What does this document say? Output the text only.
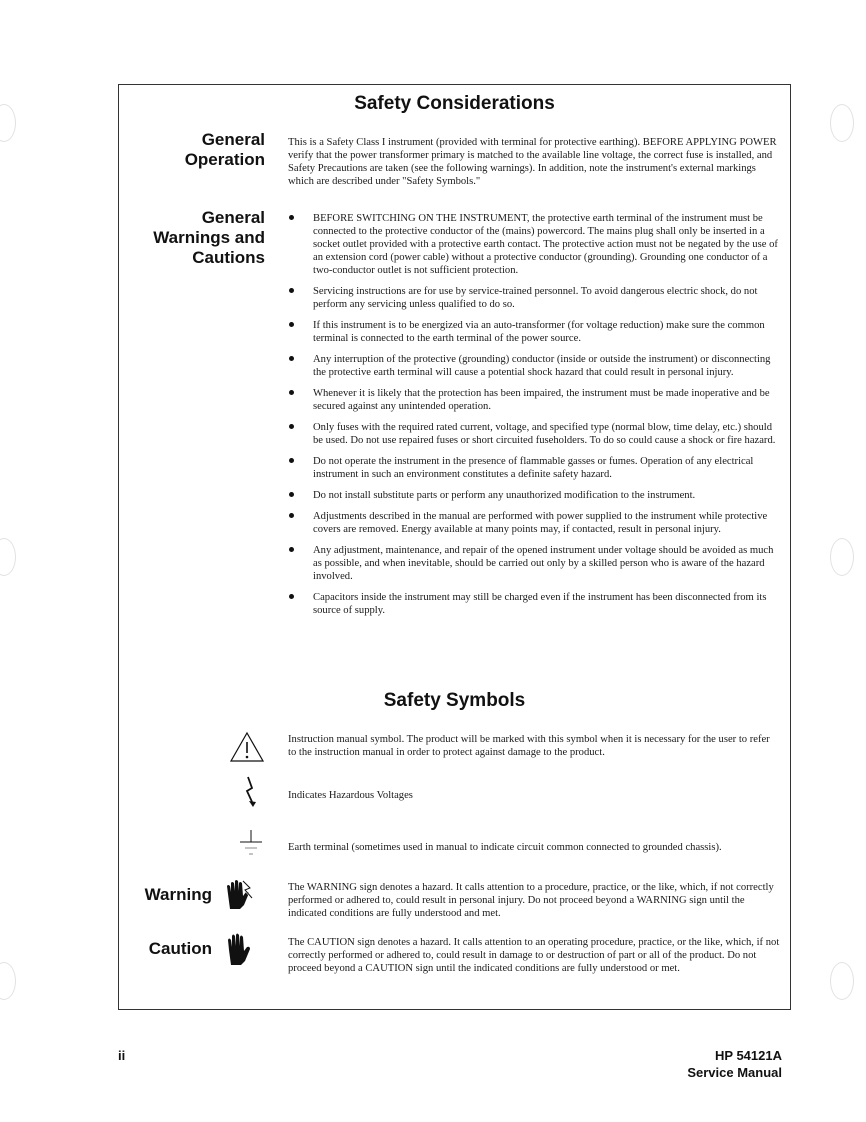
Safety Considerations
General
Operation
This is a Safety Class I instrument (provided with terminal for protective earthing). BEFORE APPLYING POWER verify that the power transformer primary is matched to the available line voltage, the correct fuse is installed, and Safety Precautions are taken (see the following warnings). In addition, note the instrument's external markings which are described under "Safety Symbols."
General
Warnings and
Cautions
BEFORE SWITCHING ON THE INSTRUMENT, the protective earth terminal of the instrument must be connected to the protective conductor of the (mains) powercord. The mains plug shall only be inserted in a socket outlet provided with a protective earth contact. The protective action must not be negated by the use of an extension cord (power cable) without a protective conductor (grounding). Grounding one conductor of a two-conductor outlet is not sufficient protection.
Servicing instructions are for use by service-trained personnel. To avoid dangerous electric shock, do not perform any servicing unless qualified to do so.
If this instrument is to be energized via an auto-transformer (for voltage reduction) make sure the common terminal is connected to the earth terminal of the power source.
Any interruption of the protective (grounding) conductor (inside or outside the instrument) or disconnecting the protective earth terminal will cause a potential shock hazard that could result in personal injury.
Whenever it is likely that the protection has been impaired, the instrument must be made inoperative and be secured against any unintended operation.
Only fuses with the required rated current, voltage, and specified type (normal blow, time delay, etc.) should be used. Do not use repaired fuses or short circuited fuseholders. To do so could cause a shock or fire hazard.
Do not operate the instrument in the presence of flammable gasses or fumes. Operation of any electrical instrument in such an environment constitutes a definite safety hazard.
Do not install substitute parts or perform any unauthorized modification to the instrument.
Adjustments described in the manual are performed with power supplied to the instrument while protective covers are removed. Energy available at many points may, if contacted, result in personal injury.
Any adjustment, maintenance, and repair of the opened instrument under voltage should be avoided as much as possible, and when inevitable, should be carried out only by a skilled person who is aware of the hazard involved.
Capacitors inside the instrument may still be charged even if the instrument has been disconnected from its source of supply.
Safety Symbols
Instruction manual symbol. The product will be marked with this symbol when it is necessary for the user to refer to the instruction manual in order to protect against damage to the product.
Indicates Hazardous Voltages
Earth terminal (sometimes used in manual to indicate circuit common connected to grounded chassis).
Warning	The WARNING sign denotes a hazard. It calls attention to a procedure, practice, or the like, which, if not correctly performed or adhered to, could result in personal injury. Do not proceed beyond a WARNING sign until the indicated conditions are fully understood and met.
Caution	The CAUTION sign denotes a hazard. It calls attention to an operating procedure, practice, or the like, which, if not correctly performed or adhered to, could result in damage to or destruction of part or all of the product. Do not proceed beyond a CAUTION sign until the indicated conditions are fully understood or met.
ii	HP 54121A
Service Manual
